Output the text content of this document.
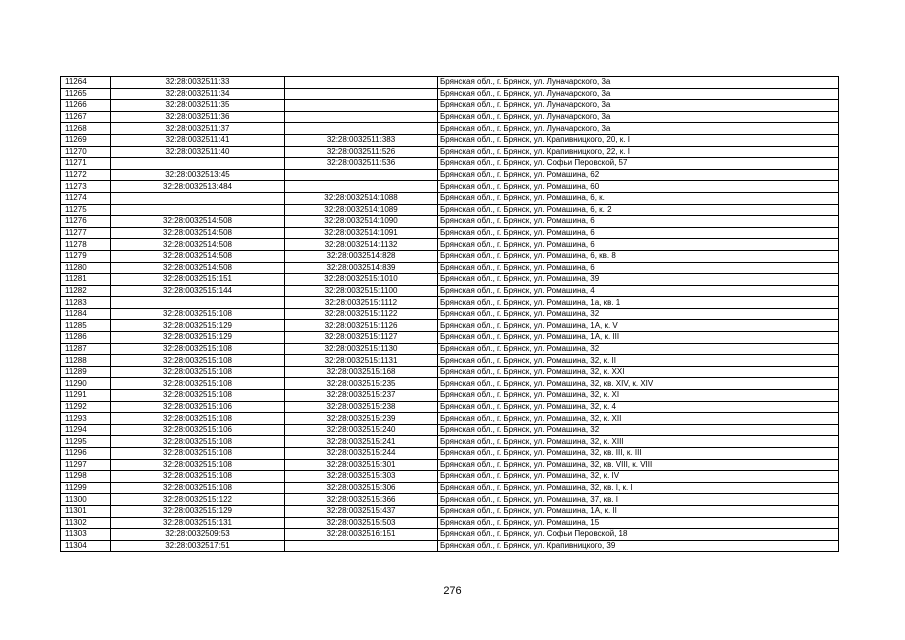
11264	32:28:0032511:33		Брянская обл., г. Брянск, ул. Луначарского, 3а
11265	32:28:0032511:34		Брянская обл., г. Брянск, ул. Луначарского, 3а
11266	32:28:0032511:35		Брянская обл., г. Брянск, ул. Луначарского, 3а
11267	32:28:0032511:36		Брянская обл., г. Брянск, ул. Луначарского, 3а
11268	32:28:0032511:37		Брянская обл., г. Брянск, ул. Луначарского, 3а
11269	32:28:0032511:41	32:28:0032511:383	Брянская обл., г. Брянск, ул. Крапивницкого, 20, к. I
11270	32:28:0032511:40	32:28:0032511:526	Брянская обл., г. Брянск, ул. Крапивницкого, 22, к. I
11271		32:28:0032511:536	Брянская обл., г. Брянск, ул. Софьи Перовской, 57
11272	32:28:0032513:45		Брянская обл., г. Брянск, ул. Ромашина, 62
11273	32:28:0032513:484		Брянская обл., г. Брянск, ул. Ромашина, 60
11274		32:28:0032514:1088	Брянская обл., г. Брянск, ул. Ромашина, 6, к.
11275		32:28:0032514:1089	Брянская обл., г. Брянск, ул. Ромашина, 6, к. 2
11276	32:28:0032514:508	32:28:0032514:1090	Брянская обл., г. Брянск, ул. Ромашина, 6
11277	32:28:0032514:508	32:28:0032514:1091	Брянская обл., г. Брянск, ул. Ромашина, 6
11278	32:28:0032514:508	32:28:0032514:1132	Брянская обл., г. Брянск, ул. Ромашина, 6
11279	32:28:0032514:508	32:28:0032514:828	Брянская обл., г. Брянск, ул. Ромашина, 6, кв. 8
11280	32:28:0032514:508	32:28:0032514:839	Брянская обл., г. Брянск, ул. Ромашина, 6
11281	32:28:0032515:151	32:28:0032515:1010	Брянская обл., г. Брянск, ул. Ромашина, 39
11282	32:28:0032515:144	32:28:0032515:1100	Брянская обл., г. Брянск, ул. Ромашина, 4
11283		32:28:0032515:1112	Брянская обл., г. Брянск, ул. Ромашина, 1а, кв. 1
11284	32:28:0032515:108	32:28:0032515:1122	Брянская обл., г. Брянск, ул. Ромашина, 32
11285	32:28:0032515:129	32:28:0032515:1126	Брянская обл., г. Брянск, ул. Ромашина, 1А, к. V
11286	32:28:0032515:129	32:28:0032515:1127	Брянская обл., г. Брянск, ул. Ромашина, 1А, к. III
11287	32:28:0032515:108	32:28:0032515:1130	Брянская обл., г. Брянск, ул. Ромашина, 32
11288	32:28:0032515:108	32:28:0032515:1131	Брянская обл., г. Брянск, ул. Ромашина, 32, к. II
11289	32:28:0032515:108	32:28:0032515:168	Брянская обл., г. Брянск, ул. Ромашина, 32, к. XXI
11290	32:28:0032515:108	32:28:0032515:235	Брянская обл., г. Брянск, ул. Ромашина, 32, кв. XIV, к. XIV
11291	32:28:0032515:108	32:28:0032515:237	Брянская обл., г. Брянск, ул. Ромашина, 32, к. XI
11292	32:28:0032515:106	32:28:0032515:238	Брянская обл., г. Брянск, ул. Ромашина, 32, к. 4
11293	32:28:0032515:108	32:28:0032515:239	Брянская обл., г. Брянск, ул. Ромашина, 32, к. XII
11294	32:28:0032515:106	32:28:0032515:240	Брянская обл., г. Брянск, ул. Ромашина, 32
11295	32:28:0032515:108	32:28:0032515:241	Брянская обл., г. Брянск, ул. Ромашина, 32, к. XIII
11296	32:28:0032515:108	32:28:0032515:244	Брянская обл., г. Брянск, ул. Ромашина, 32, кв. III, к. III
11297	32:28:0032515:108	32:28:0032515:301	Брянская обл., г. Брянск, ул. Ромашина, 32, кв. VIII, к. VIII
11298	32:28:0032515:108	32:28:0032515:303	Брянская обл., г. Брянск, ул. Ромашина, 32, к. IV
11299	32:28:0032515:108	32:28:0032515:306	Брянская обл., г. Брянск, ул. Ромашина, 32, кв. I, к. I
11300	32:28:0032515:122	32:28:0032515:366	Брянская обл., г. Брянск, ул. Ромашина, 37, кв. I
11301	32:28:0032515:129	32:28:0032515:437	Брянская обл., г. Брянск, ул. Ромашина, 1А, к. II
11302	32:28:0032515:131	32:28:0032515:503	Брянская обл., г. Брянск, ул. Ромашина, 15
11303	32:28:0032509:53	32:28:0032516:151	Брянская обл., г. Брянск, ул. Софьи Перовской, 18
11304	32:28:0032517:51		Брянская обл., г. Брянск, ул. Крапивницкого, 39
276
